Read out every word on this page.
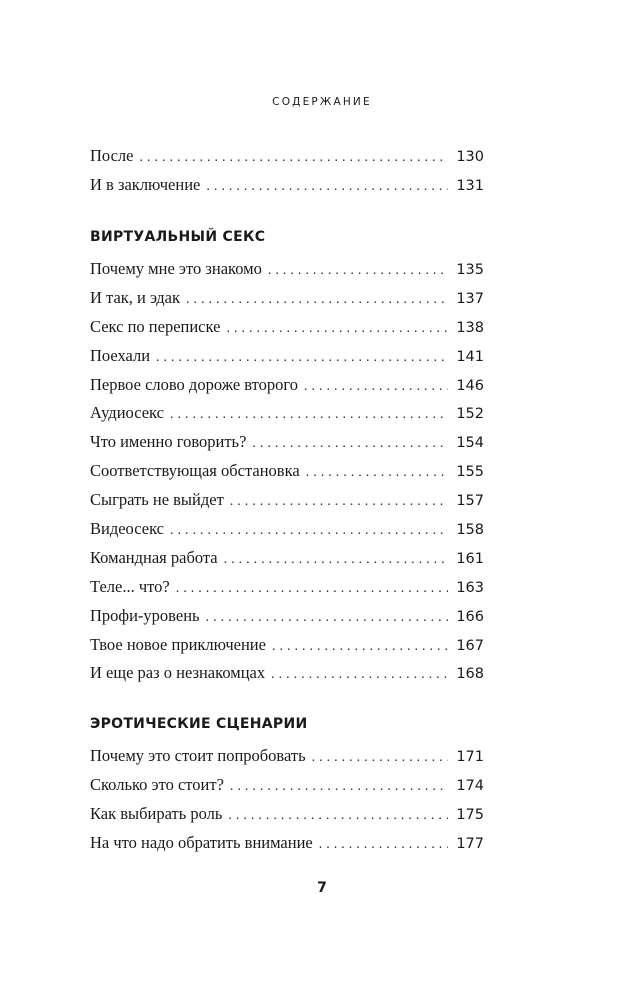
СОДЕРЖАНИЕ
После . . .	130
И в заключение . . .	131
ВИРТУАЛЬНЫЙ СЕКС
Почему мне это знакомо . . .	135
И так, и эдак . . .	137
Секс по переписке . . .	138
Поехали . . .	141
Первое слово дороже второго . . .	146
Аудиосекс . . .	152
Что именно говорить? . . .	154
Соответствующая обстановка . . .	155
Сыграть не выйдет . . .	157
Видеосекс . . .	158
Командная работа . . .	161
Теле... что? . . .	163
Профи-уровень . . .	166
Твое новое приключение . . .	167
И еще раз о незнакомцах . . .	168
ЭРОТИЧЕСКИЕ СЦЕНАРИИ
Почему это стоит попробовать . . .	171
Сколько это стоит? . . .	174
Как выбирать роль . . .	175
На что надо обратить внимание . . .	177
7
